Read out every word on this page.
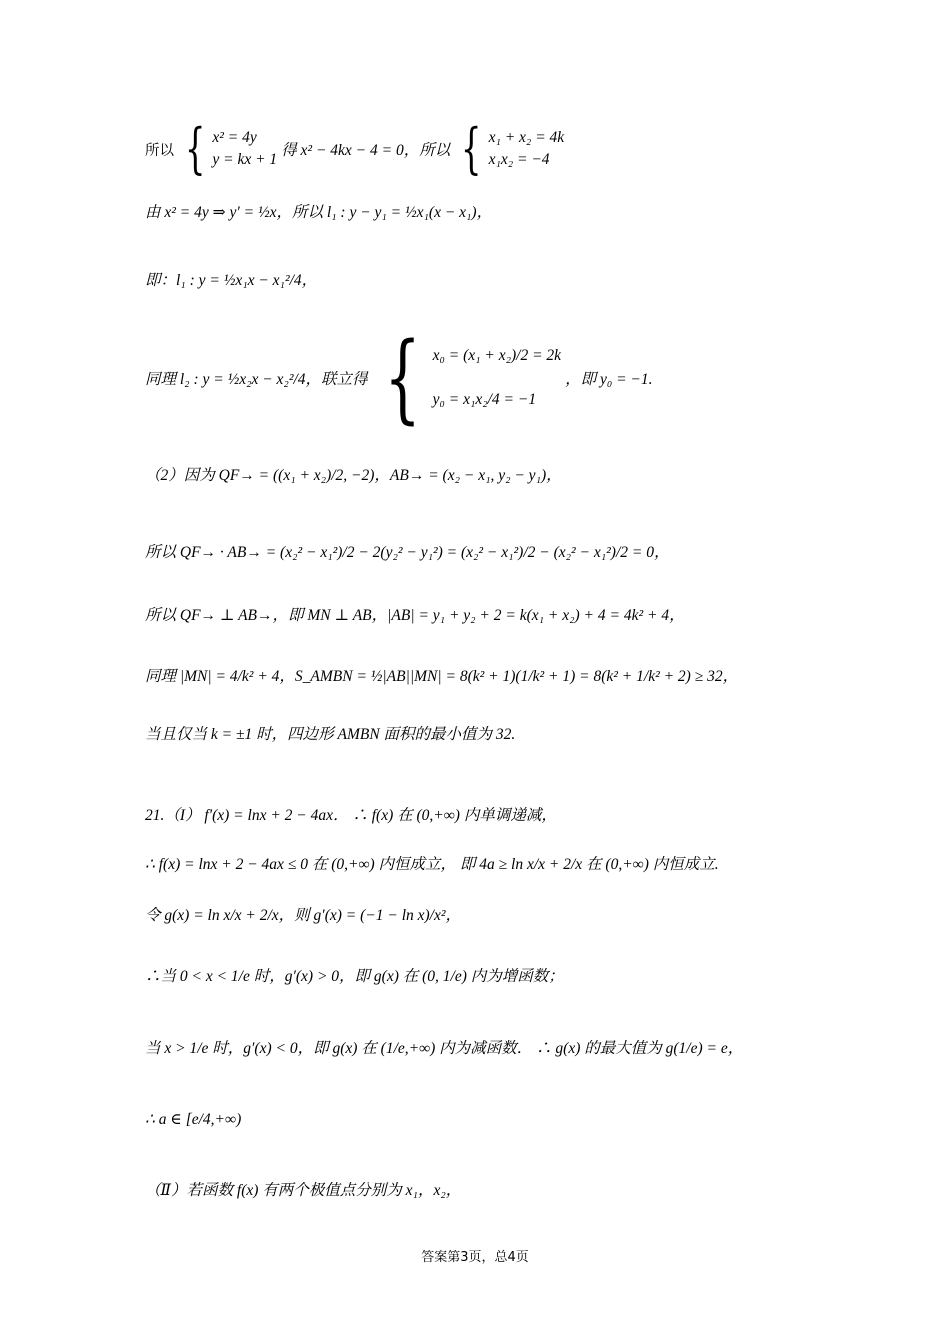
所以 { x² = 4y
y = kx + 1
得 x² − 4kx − 4 = 0，所以 { x₁ + x₂ = 4k
x₁x₂ = −4
由 x² = 4y ⇒ y′ = ½x，所以 l₁ : y − y₁ = ½x₁(x − x₁)，
即：l₁ : y = ½x₁x − x₁²/4，
同理 l₂ : y = ½x₂x − x₂²/4，联立得 { x₀ = (x₁ + x₂)/2 = 2k
y₀ = x₁x₂/4 = −1
，即 y₀ = −1.
（2）因为 QF→ = ((x₁ + x₂)/2, −2)，AB→ = (x₂ − x₁, y₂ − y₁)，
所以 QF→ · AB→ = (x₂² − x₁²)/2 − 2(y₂² − y₁²) = (x₂² − x₁²)/2 − (x₂² − x₁²)/2 = 0，
所以 QF→ ⊥ AB→，即 MN ⊥ AB，|AB| = y₁ + y₂ + 2 = k(x₁ + x₂) + 4 = 4k² + 4，
同理 |MN| = 4/k² + 4，S_AMBN = ½|AB||MN| = 8(k² + 1)(1/k² + 1) = 8(k² + 1/k² + 2) ≥ 32，
当且仅当 k = ±1 时，四边形 AMBN 面积的最小值为 32.
21.（I） f′(x) = lnx + 2 − 4ax． ∴ f(x) 在 (0,+∞) 内单调递减，
∴ f(x) = lnx + 2 − 4ax ≤ 0 在 (0,+∞) 内恒成立， 即 4a ≥ ln x/x + 2/x 在 (0,+∞) 内恒成立.
令 g(x) = ln x/x + 2/x，则 g′(x) = (−1 − ln x)/x²，
∴当 0 < x < 1/e 时，g′(x) > 0，即 g(x) 在 (0, 1/e) 内为增函数；
当 x > 1/e 时，g′(x) < 0，即 g(x) 在 (1/e,+∞) 内为减函数． ∴ g(x) 的最大值为 g(1/e) = e，
∴ a ∈ [e/4,+∞)
（Ⅱ）若函数 f(x) 有两个极值点分别为 x₁，x₂，
答案第3页，总4页
